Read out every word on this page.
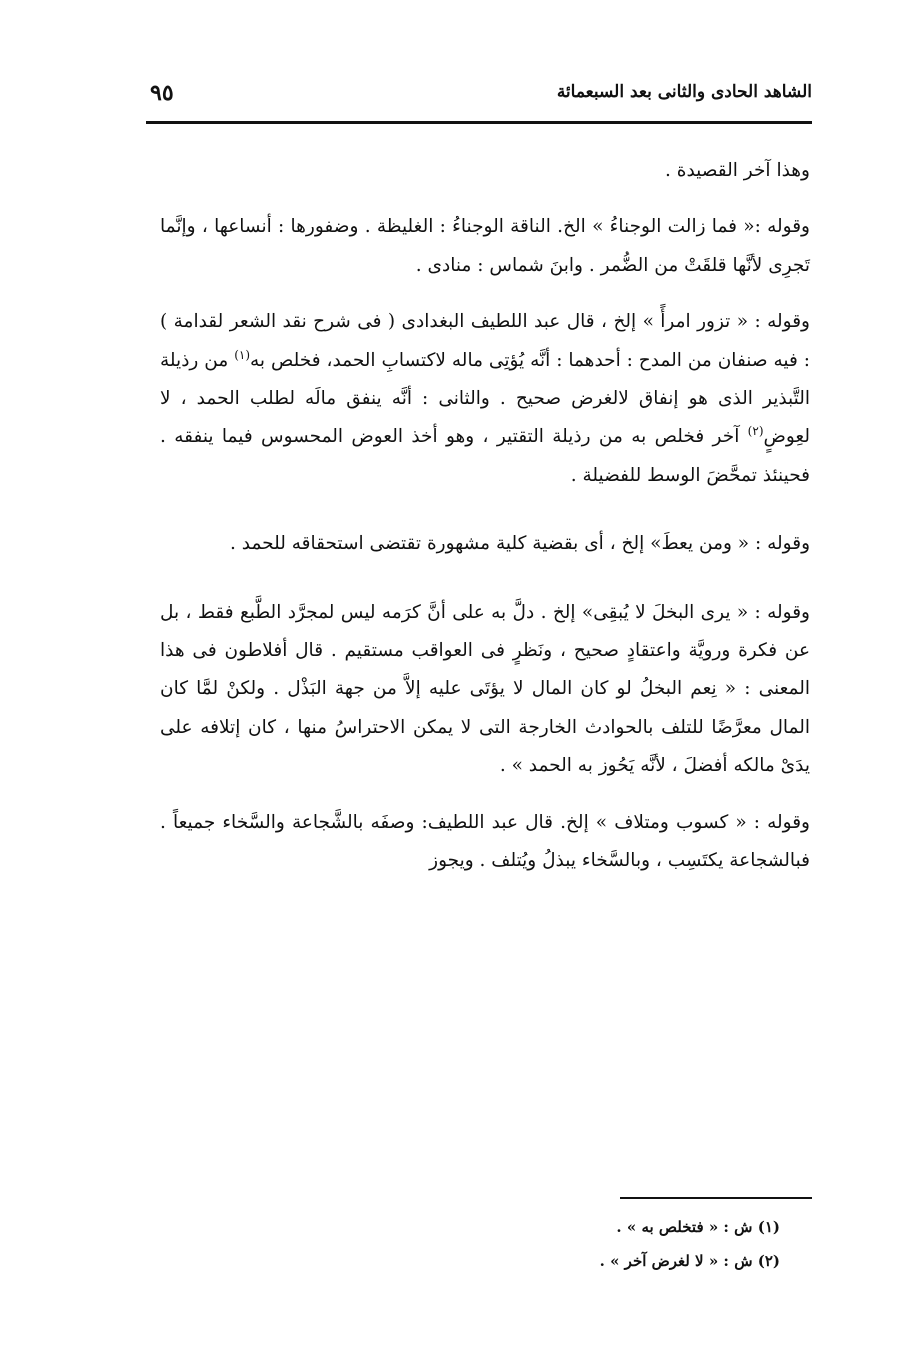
الشاهد الحادى والثانى بعد السبعمائة
٩٥

وهذا آخر القصيدة .

وقوله :« فما زالت الوجناءُ » الخ. الناقة الوجناءُ : الغليظة . وضفورها : أنساعها ، وإنَّما تَجرِى لأنَّها قلقَتْ من الضُّمر . وابنَ شماس : منادى .

وقوله : « تزور امرأً » إلخ ، قال عبد اللطيف البغدادى ( فى شرح نقد الشعر لقدامة ) : فيه صنفان من المدح : أحدهما : أنَّه يُؤتِى ماله لاكتسابِ الحمد، فخلص به$^{(١)}$ من رذيلة التَّبذير الذى هو إنفاق لالغرض صحيح . والثانى : أنَّه ينفق مالَه لطلب الحمد ، لا لعِوضٍ$^{(٢)}$ آخر فخلص به من رذيلة التقتير ، وهو أخذ العوض المحسوس فيما ينفقه . فحينئذ تمحَّضَ الوسط للفضيلة .

وقوله : « ومن يعطَ» إلخ ، أى بقضية كلية مشهورة تقتضى استحقاقه للحمد .

وقوله : « يرى البخلَ لا يُبقِى» إلخ . دلَّ به على أنَّ كرَمه ليس لمجرَّد الطَّبع فقط ، بل عن فكرة ورويَّة واعتقادٍ صحيح ، ونَظرٍ فى العواقب مستقيم . قال أفلاطون فى هذا المعنى : « نِعم البخلُ لو كان المال لا يؤتَى عليه إلاَّ من جهة البَذْل . ولكنْ لمَّا كان المال معرَّضًا للتلف بالحوادث الخارجة التى لا يمكن الاحتراسُ منها ، كان إتلافه على يدَىْ مالكه أفضلَ ، لأنَّه يَحُوز به الحمد » .

وقوله : « كسوب ومتلاف » إلخ. قال عبد اللطيف: وصفَه بالشَّجاعة والسَّخاء جميعاً . فبالشجاعة يكتَسِب ، وبالسَّخاء يبذلُ ويُتلف . ويجوز

(١) ش : « فتخلص به » .

(٢) ش : « لا لغرض آخر » .
